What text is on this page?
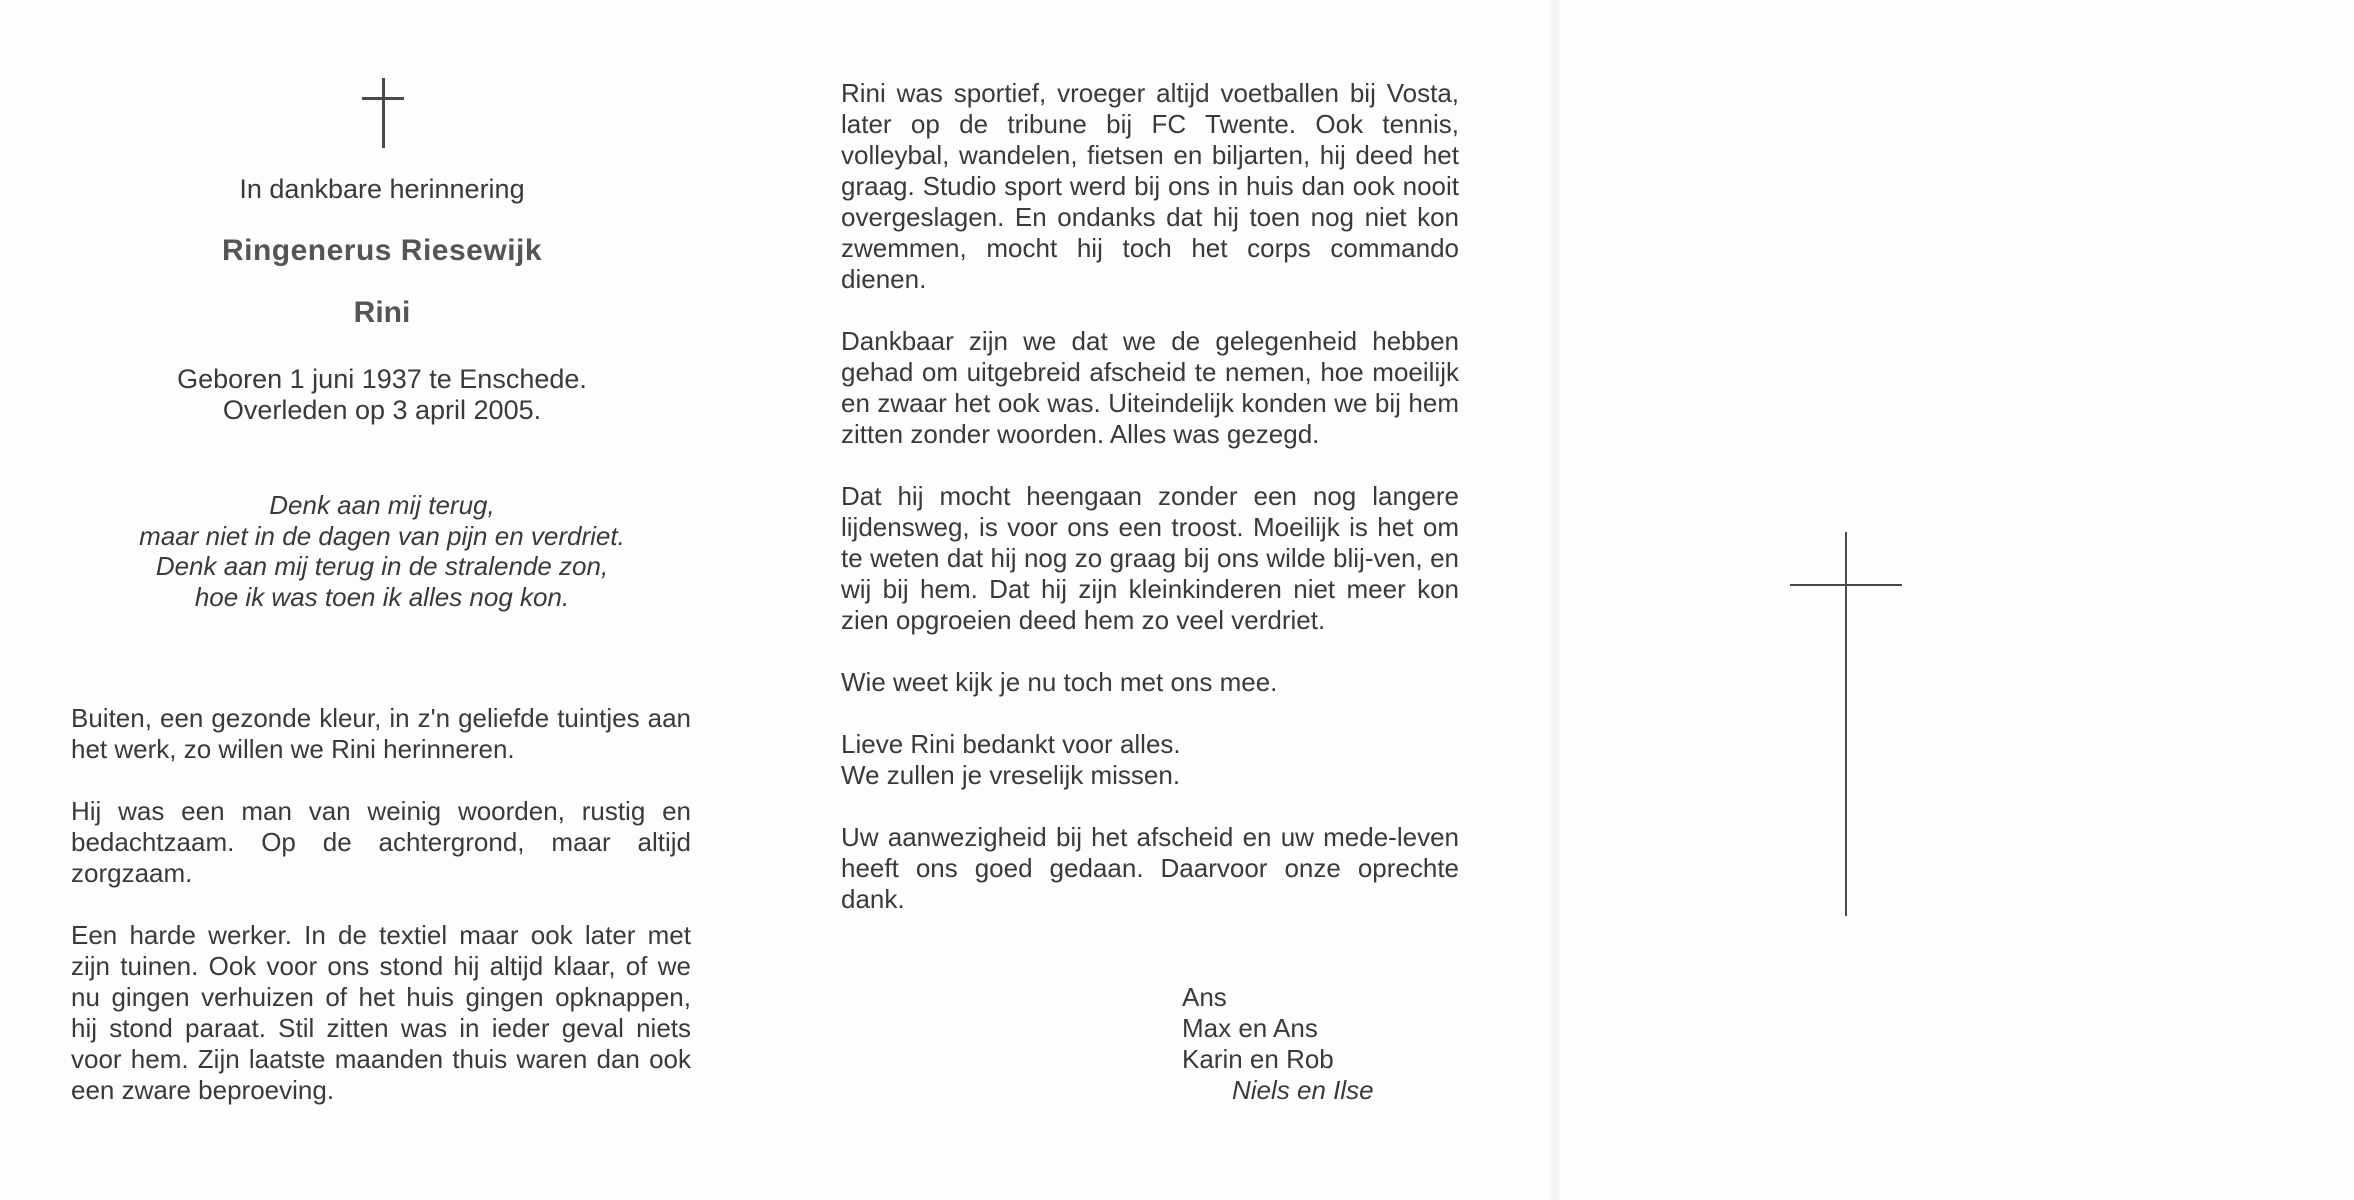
In dankbare herinnering
Ringenerus Riesewijk
Rini
Geboren 1 juni 1937 te Enschede.
Overleden op 3 april 2005.
Denk aan mij terug,
maar niet in de dagen van pijn en verdriet.
Denk aan mij terug in de stralende zon,
hoe ik was toen ik alles nog kon.

Buiten, een gezonde kleur, in z'n geliefde tuintjes aan het werk, zo willen we Rini herinneren.

Hij was een man van weinig woorden, rustig en bedachtzaam. Op de achtergrond, maar altijd zorgzaam.

Een harde werker. In de textiel maar ook later met zijn tuinen. Ook voor ons stond hij altijd klaar, of we nu gingen verhuizen of het huis gingen opknappen, hij stond paraat. Stil zitten was in ieder geval niets voor hem. Zijn laatste maanden thuis waren dan ook een zware beproeving.

Rini was sportief, vroeger altijd voetballen bij Vosta, later op de tribune bij FC Twente. Ook tennis, volleybal, wandelen, fietsen en biljarten, hij deed het graag. Studio sport werd bij ons in huis dan ook nooit overgeslagen. En ondanks dat hij toen nog niet kon zwemmen, mocht hij toch het corps commando dienen.

Dankbaar zijn we dat we de gelegenheid hebben gehad om uitgebreid afscheid te nemen, hoe moeilijk en zwaar het ook was. Uiteindelijk konden we bij hem zitten zonder woorden. Alles was gezegd.

Dat hij mocht heengaan zonder een nog langere lijdensweg, is voor ons een troost. Moeilijk is het om te weten dat hij nog zo graag bij ons wilde blij-ven, en wij bij hem. Dat hij zijn kleinkinderen niet meer kon zien opgroeien deed hem zo veel verdriet.

Wie weet kijk je nu toch met ons mee.

Lieve Rini bedankt voor alles.

We zullen je vreselijk missen.

Uw aanwezigheid bij het afscheid en uw mede-leven heeft ons goed gedaan. Daarvoor onze oprechte dank.

Ans
Max en Ans
Karin en Rob
Niels en Ilse
